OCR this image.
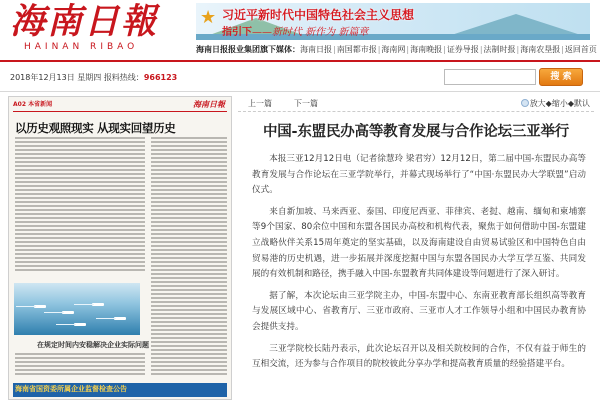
海南日報
HAINAN RIBAO
★ 习近平新时代中国特色社会主义思想
指引下——新时代 新作为 新篇章
海南日报报业集团旗下媒体：海南日报|南国都市报|海南网|海南晚报|证券导报|法制时报|海南农垦报|返回首页
2018年12月13日 星期四 报料热线：966123	搜 索
A02 本省新闻	海南日報
以历史观照现实 从现实回望历史
在规定时间内安稳解决企业实际问题
海南省国资委所属企业监督检查公告
上一篇	下一篇	放大◆缩小◆默认
中国-东盟民办高等教育发展与合作论坛三亚举行

本报三亚12月12日电（记者徐慧玲 梁君穷）12月12日，第二届中国-东盟民办高等教育发展与合作论坛在三亚学院举行，并幕式现场举行了“中国·东盟民办大学联盟”启动仪式。

来自新加坡、马来西亚、泰国、印度尼西亚、菲律宾、老挝、越南、缅甸和柬埔寨等9个国家、80余位中国和东盟各国民办高校和机构代表，聚焦于如何借助中国-东盟建立战略伙伴关系15周年奠定的坚实基础，以及海南建设自由贸易试验区和中国特色自由贸易港的历史机遇，进一步拓展并深度挖掘中国与东盟各国民办大学互学互鉴、共同发展的有效机制和路径，携手融入中国-东盟教育共同体建设等问题进行了深入研讨。

据了解，本次论坛由三亚学院主办，中国-东盟中心、东南亚教育部长组织高等教育与发展区域中心、省教育厅、三亚市政府、三亚市人才工作领导小组和中国民办教育协会提供支持。

三亚学院校长陆丹表示，此次论坛召开以及相关院校间的合作，不仅有益于师生的互相交流，还为参与合作项目的院校彼此分享办学和提高教育质量的经验搭建平台。
